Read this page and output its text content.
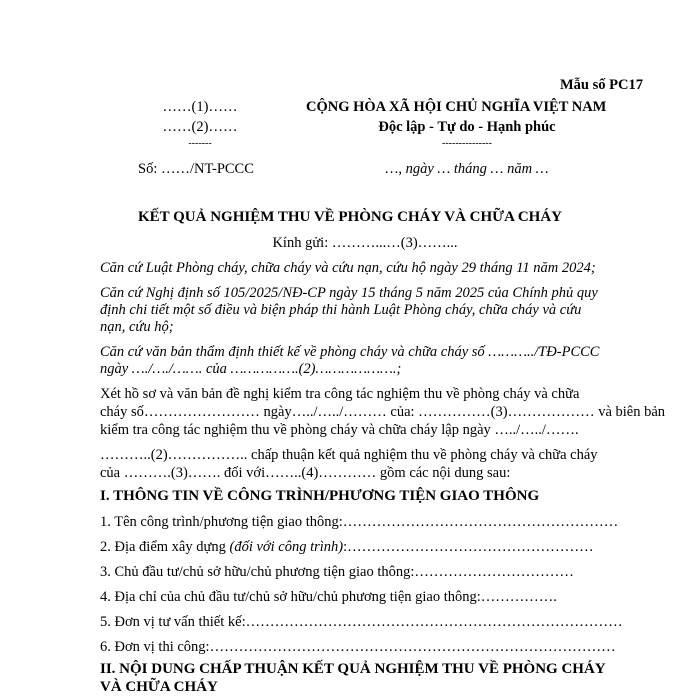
Mẫu số PC17
……(1)……
……(2)……
-------
CỘNG HÒA XÃ HỘI CHỦ NGHĨA VIỆT NAM
Độc lập - Tự do - Hạnh phúc
---------------
Số: ……/NT-PCCC	…, ngày … tháng … năm …
KẾT QUẢ NGHIỆM THU VỀ PHÒNG CHÁY VÀ CHỮA CHÁY
Kính gửi: ………...…(3)……...
Căn cứ Luật Phòng cháy, chữa cháy và cứu nạn, cứu hộ ngày 29 tháng 11 năm 2024;
Căn cứ Nghị định số 105/2025/NĐ-CP ngày 15 tháng 5 năm 2025 của Chính phủ quy
định chi tiết một số điều và biện pháp thi hành Luật Phòng cháy, chữa cháy và cứu
nạn, cứu hộ;
Căn cứ văn bản thẩm định thiết kế về phòng cháy và chữa cháy số ………../TĐ-PCCC
ngày …./…./……. của …………….(2)……………….;
Xét hồ sơ và văn bản đề nghị kiểm tra công tác nghiệm thu về phòng cháy và chữa
cháy số…………………… ngày…../…../……… của: ……………(3)……………… và biên bản
kiểm tra công tác nghiệm thu về phòng cháy và chữa cháy lập ngày …../…../…….
………..(2)…………….. chấp thuận kết quả nghiệm thu về phòng cháy và chữa cháy
của ……….(3)……. đối với……..(4)………… gồm các nội dung sau:
I. THÔNG TIN VỀ CÔNG TRÌNH/PHƯƠNG TIỆN GIAO THÔNG
1. Tên công trình/phương tiện giao thông:…………………………………………………
2. Địa điểm xây dựng (đối với công trình):……………………………………………
3. Chủ đầu tư/chủ sở hữu/chủ phương tiện giao thông:……………………………
4. Địa chỉ của chủ đầu tư/chủ sở hữu/chủ phương tiện giao thông:…………….
5. Đơn vị tư vấn thiết kế:……………………………………………………………………
6. Đơn vị thi công:…………………………………………………………………………
II. NỘI DUNG CHẤP THUẬN KẾT QUẢ NGHIỆM THU VỀ PHÒNG CHÁY
VÀ CHỮA CHÁY
